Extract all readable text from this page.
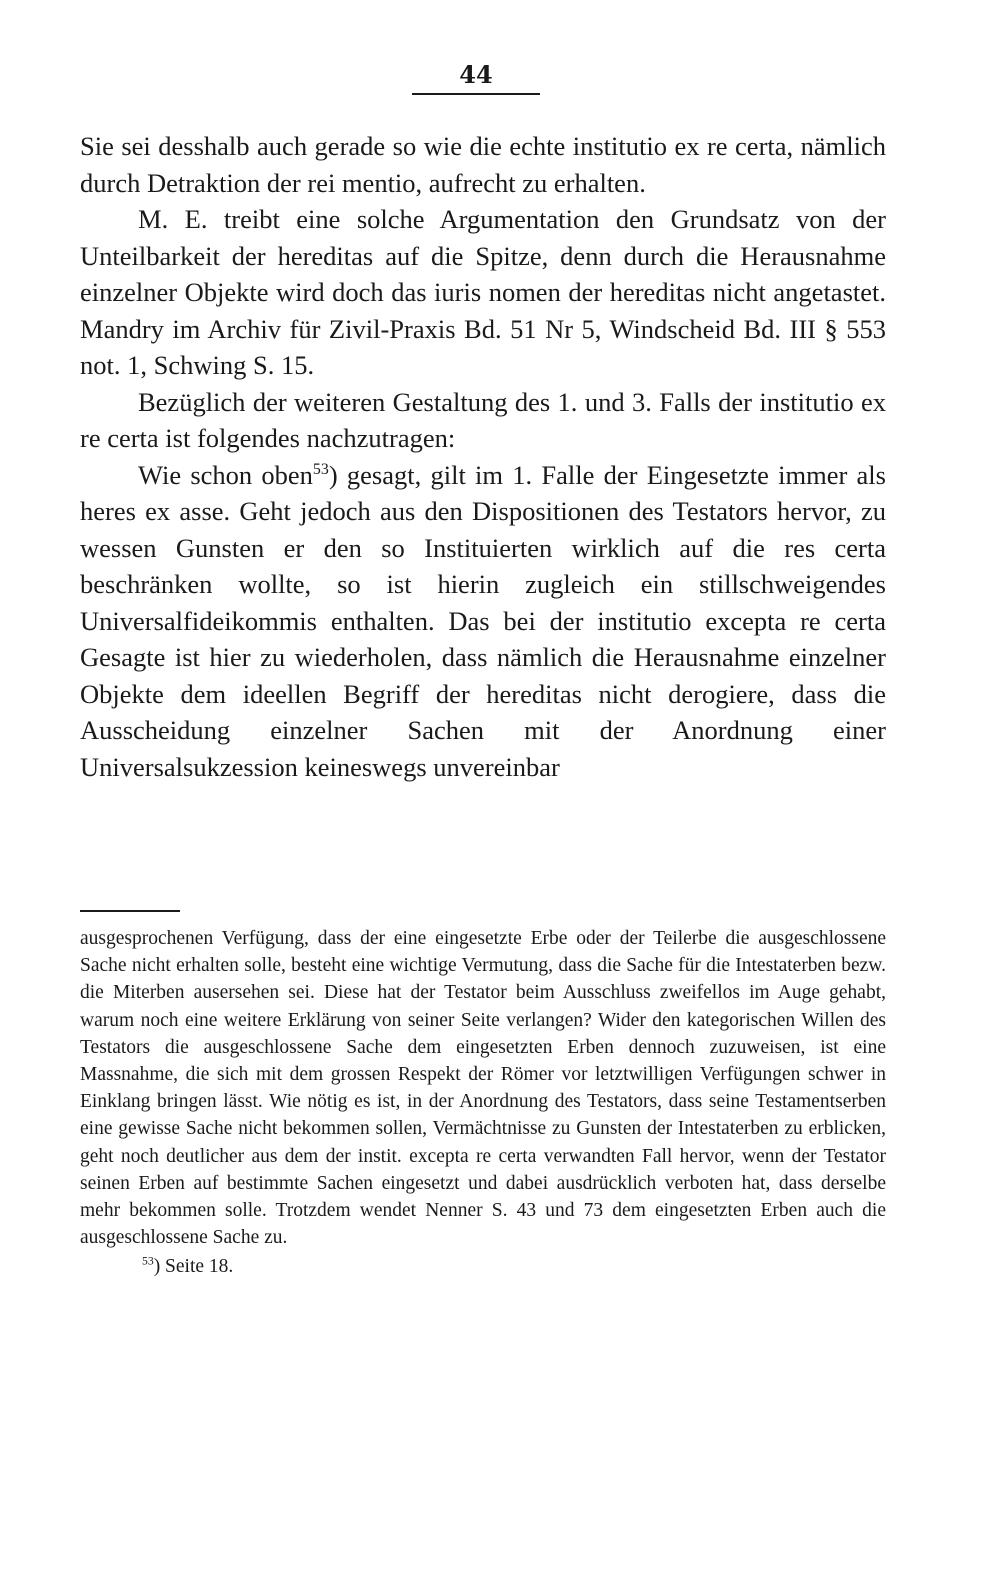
44

Sie sei desshalb auch gerade so wie die echte institutio ex re certa, nämlich durch Detraktion der rei mentio, aufrecht zu erhalten.

M. E. treibt eine solche Argumentation den Grundsatz von der Unteilbarkeit der hereditas auf die Spitze, denn durch die Herausnahme einzelner Objekte wird doch das iuris nomen der hereditas nicht angetastet. Mandry im Archiv für Zivil-Praxis Bd. 51 Nr 5, Windscheid Bd. III § 553 not. 1, Schwing S. 15.

Bezüglich der weiteren Gestaltung des 1. und 3. Falls der institutio ex re certa ist folgendes nachzutragen:

Wie schon oben$^{53}$) gesagt, gilt im 1. Falle der Eingesetzte immer als heres ex asse. Geht jedoch aus den Dispositionen des Testators hervor, zu wessen Gunsten er den so Instituierten wirklich auf die res certa beschränken wollte, so ist hierin zugleich ein stillschweigendes Universalfideikommis enthalten. Das bei der institutio excepta re certa Gesagte ist hier zu wiederholen, dass nämlich die Herausnahme einzelner Objekte dem ideellen Begriff der hereditas nicht derogiere, dass die Ausscheidung einzelner Sachen mit der Anordnung einer Universalsukzession keineswegs unvereinbar

ausgesprochenen Verfügung, dass der eine eingesetzte Erbe oder der Teilerbe die ausgeschlossene Sache nicht erhalten solle, besteht eine wichtige Vermutung, dass die Sache für die Intestaterben bezw. die Miterben ausersehen sei. Diese hat der Testator beim Ausschluss zweifellos im Auge gehabt, warum noch eine weitere Erklärung von seiner Seite verlangen? Wider den kategorischen Willen des Testators die ausgeschlossene Sache dem eingesetzten Erben dennoch zuzuweisen, ist eine Massnahme, die sich mit dem grossen Respekt der Römer vor letztwilligen Verfügungen schwer in Einklang bringen lässt. Wie nötig es ist, in der Anordnung des Testators, dass seine Testamentserben eine gewisse Sache nicht bekommen sollen, Vermächtnisse zu Gunsten der Intestaterben zu erblicken, geht noch deutlicher aus dem der instit. excepta re certa verwandten Fall hervor, wenn der Testator seinen Erben auf bestimmte Sachen eingesetzt und dabei ausdrücklich verboten hat, dass derselbe mehr bekommen solle. Trotzdem wendet Nenner S. 43 und 73 dem eingesetzten Erben auch die ausgeschlossene Sache zu.

$^{53}$) Seite 18.
